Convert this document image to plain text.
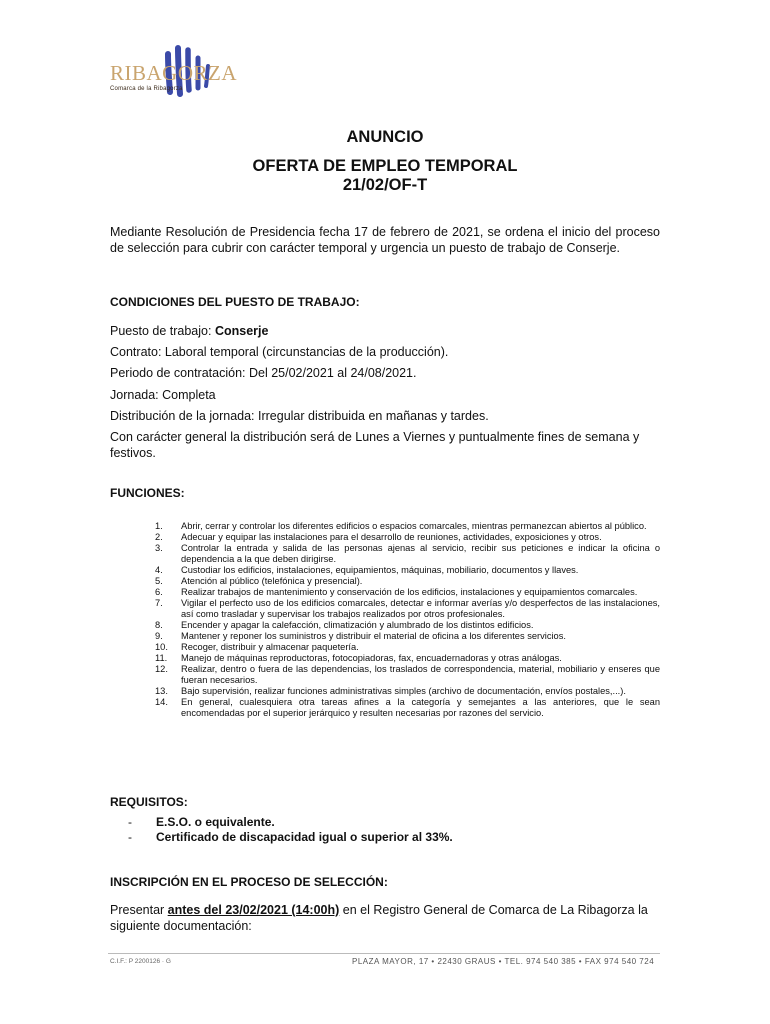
RIBAGORZA
Comarca de la Ribagorza
ANUNCIO
OFERTA DE EMPLEO TEMPORAL
21/02/OF-T
Mediante Resolución de Presidencia fecha 17 de febrero de 2021, se ordena el inicio del proceso de selección para cubrir con carácter temporal y urgencia un puesto de trabajo de Conserje.
CONDICIONES DEL PUESTO DE TRABAJO:
Puesto de trabajo: Conserje
Contrato: Laboral temporal (circunstancias de la producción).
Periodo de contratación: Del 25/02/2021 al 24/08/2021.
Jornada: Completa
Distribución de la jornada: Irregular distribuida en mañanas y tardes.
Con carácter general la distribución será de Lunes a Viernes y puntualmente fines de semana y festivos.
FUNCIONES:
1. Abrir, cerrar y controlar los diferentes edificios o espacios comarcales, mientras permanezcan abiertos al público.
2. Adecuar y equipar las instalaciones para el desarrollo de reuniones, actividades, exposiciones y otros.
3. Controlar la entrada y salida de las personas ajenas al servicio, recibir sus peticiones e indicar la oficina o dependencia a la que deben dirigirse.
4. Custodiar los edificios, instalaciones, equipamientos, máquinas, mobiliario, documentos y llaves.
5. Atención al público (telefónica y presencial).
6. Realizar trabajos de mantenimiento y conservación de los edificios, instalaciones y equipamientos comarcales.
7. Vigilar el perfecto uso de los edificios comarcales, detectar e informar averías y/o desperfectos de las instalaciones, así como trasladar y supervisar los trabajos realizados por otros profesionales.
8. Encender y apagar la calefacción, climatización y alumbrado de los distintos edificios.
9. Mantener y reponer los suministros y distribuir el material de oficina a los diferentes servicios.
10. Recoger, distribuir y almacenar paquetería.
11. Manejo de máquinas reproductoras, fotocopiadoras, fax, encuadernadoras y otras análogas.
12. Realizar, dentro o fuera de las dependencias, los traslados de correspondencia, material, mobiliario y enseres que fueran necesarios.
13. Bajo supervisión, realizar funciones administrativas simples (archivo de documentación, envíos postales,...).
14. En general, cualesquiera otra tareas afines a la categoría y semejantes a las anteriores, que le sean encomendadas por el superior jerárquico y resulten necesarias por razones del servicio.
REQUISITOS:
- E.S.O. o equivalente.
- Certificado de discapacidad igual o superior al 33%.
INSCRIPCIÓN EN EL PROCESO DE SELECCIÓN:
Presentar antes del 23/02/2021 (14:00h) en el Registro General de Comarca de La Ribagorza la siguiente documentación:
C.I.F.: P 2200126 · G	PLAZA MAYOR, 17 • 22430 GRAUS • TEL. 974 540 385 • FAX 974 540 724
